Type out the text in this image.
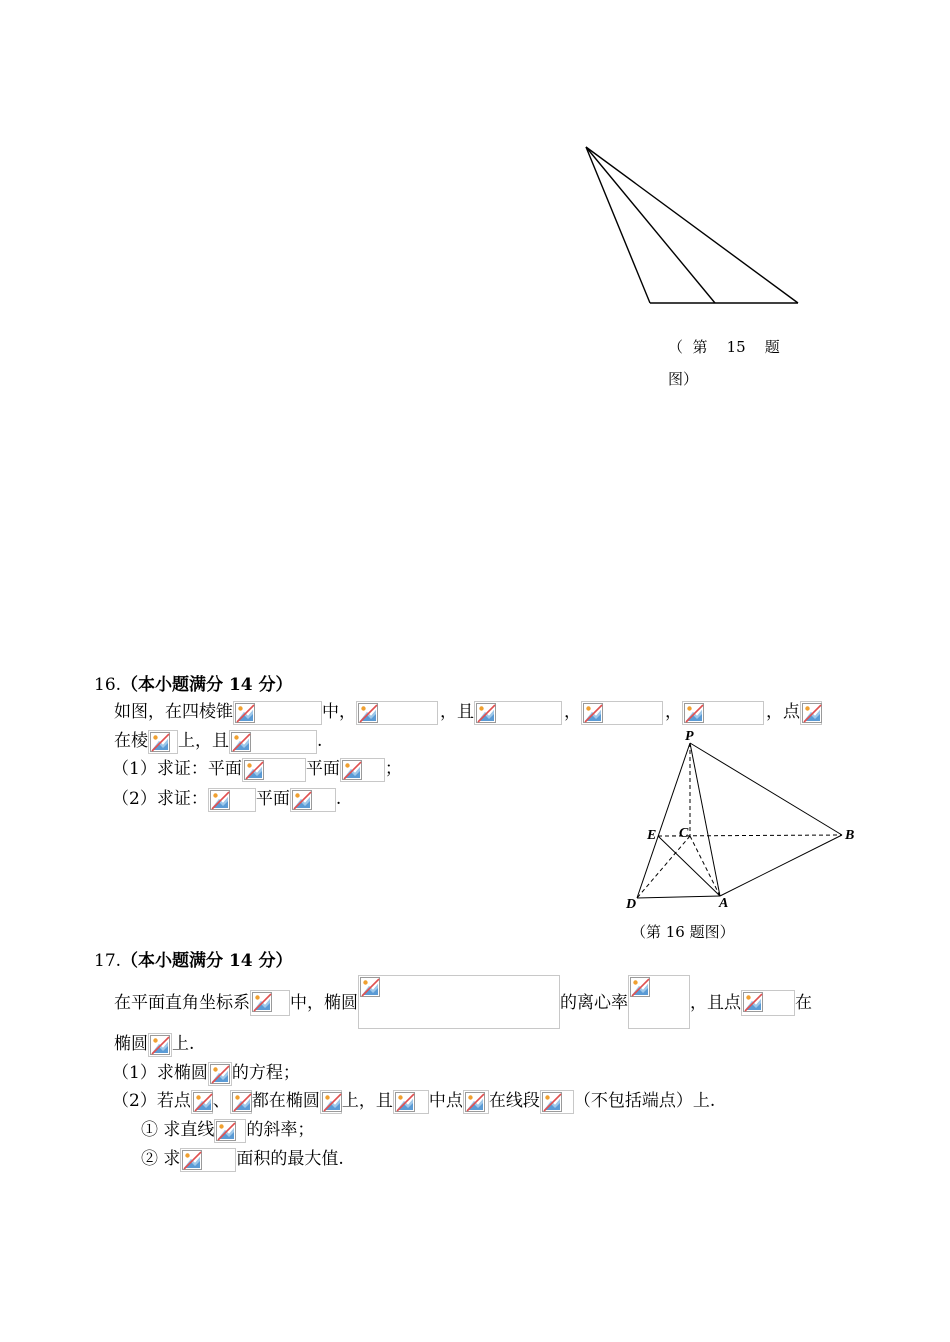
（  第    15    题
图）
16.（本小题满分 14 分）
如图，在四棱锥	中，	，且	，	，	，点
在棱 上，且	.
（1）求证：平面	平面	；
（2）求证：	平面	.
P
E C	B
D	A
（第 16 题图）
17.（本小题满分 14 分）
在平面直角坐标系 中，椭圆	的离心率	，且点	在
椭圆 上.
（1）求椭圆 的方程；
（2）若点 、 都在椭圆 上，且 中点 在线段 （不包括端点）上.
① 求直线 的斜率；
② 求	面积的最大值.
